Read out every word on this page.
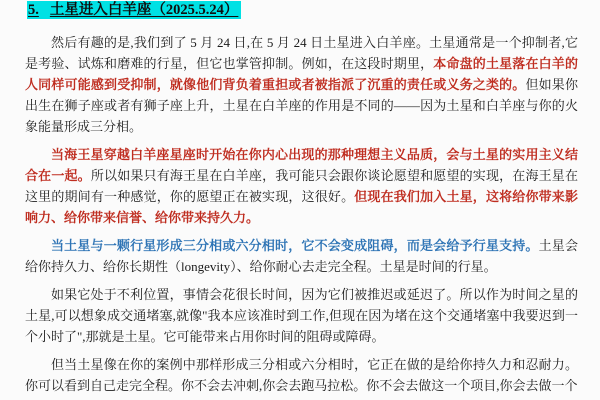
5. 土星进入白羊座（2025.5.24）

然后有趣的是,我们到了 5 月 24 日,在 5 月 24 日土星进入白羊座。土星通常是一个抑制者,它是考验、试炼和磨难的行星，但它也掌管抑制。例如，在这段时期里，本命盘的土星落在白羊的人同样可能感到受抑制，就像他们背负着重担或者被指派了沉重的责任或义务之类的。但如果你出生在狮子座或者有狮子座上升，土星在白羊座的作用是不同的——因为土星和白羊座与你的火象能量形成三分相。

当海王星穿越白羊座星座时开始在你内心出现的那种理想主义品质，会与土星的实用主义结合在一起。所以如果只有海王星在白羊座，我可能只会跟你谈论愿望和愿望的实现，在海王星在这里的期间有一种感觉，你的愿望正在被实现，这很好。但现在我们加入土星，这将给你带来影响力、给你带来信誉、给你带来持久力。

当土星与一颗行星形成三分相或六分相时，它不会变成阻碍，而是会给予行星支持。土星会给你持久力、给你长期性（longevity）、给你耐心去走完全程。土星是时间的行星。

如果它处于不利位置，事情会花很长时间，因为它们被推迟或延迟了。所以作为时间之星的土星,可以想象成交通堵塞,就像"我本应该准时到工作,但现在因为堵在这个交通堵塞中我要迟到一个小时了",那就是土星。它可能带来占用你时间的阻碍或障碍。

但当土星像在你的案例中那样形成三分相或六分相时，它正在做的是给你持久力和忍耐力。你可以看到自己走完全程。你不会去冲刺,你会去跑马拉松。你不会去做这一个项目,你会去做一个
